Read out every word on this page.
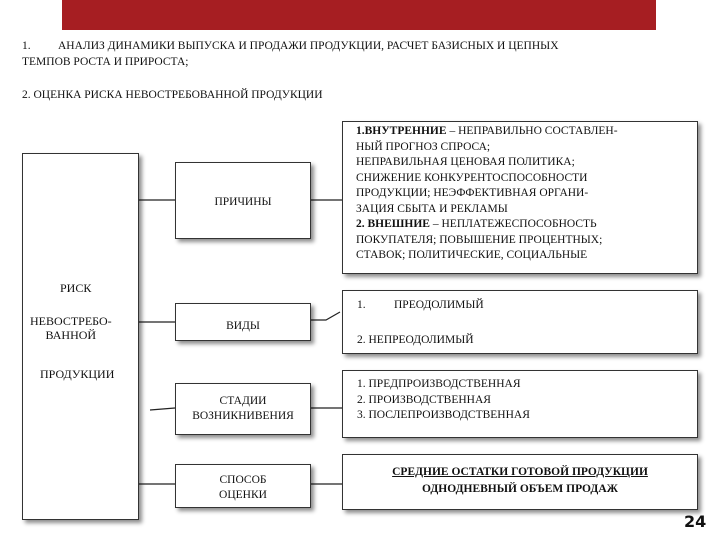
1. АНАЛИЗ ДИНАМИКИ ВЫПУСКА И ПРОДАЖИ ПРОДУКЦИИ, РАСЧЕТ БАЗИСНЫХ И ЦЕПНЫХ
ТЕМПОВ РОСТА И ПРИРОСТА;
2. ОЦЕНКА РИСКА НЕВОСТРЕБОВАННОЙ ПРОДУКЦИИ
РИСК
НЕВОСТРЕБО-
ВАННОЙ
ПРОДУКЦИИ
ПРИЧИНЫ
ВИДЫ
СТАДИИ
ВОЗНИКНИВЕНИЯ
СПОСОБ
ОЦЕНКИ
1.ВНУТРЕННИЕ – НЕПРАВИЛЬНО СОСТАВЛЕН-
НЫЙ ПРОГНОЗ СПРОСА;
НЕПРАВИЛЬНАЯ ЦЕНОВАЯ ПОЛИТИКА;
СНИЖЕНИЕ КОНКУРЕНТОСПОСОБНОСТИ
ПРОДУКЦИИ; НЕЭФФЕКТИВНАЯ ОРГАНИ-
ЗАЦИЯ СБЫТА И РЕКЛАМЫ
2. ВНЕШНИЕ – НЕПЛАТЕЖЕСПОСОБНОСТЬ
ПОКУПАТЕЛЯ; ПОВЫШЕНИЕ ПРОЦЕНТНЫХ;
СТАВОК; ПОЛИТИЧЕСКИЕ, СОЦИАЛЬНЫЕ
1. ПРЕОДОЛИМЫЙ
2. НЕПРЕОДОЛИМЫЙ
1. ПРЕДПРОИЗВОДСТВЕННАЯ
2. ПРОИЗВОДСТВЕННАЯ
3. ПОСЛЕПРОИЗВОДСТВЕННАЯ
СРЕДНИЕ ОСТАТКИ ГОТОВОЙ ПРОДУКЦИИ
ОДНОДНЕВНЫЙ ОБЪЕМ ПРОДАЖ
24
